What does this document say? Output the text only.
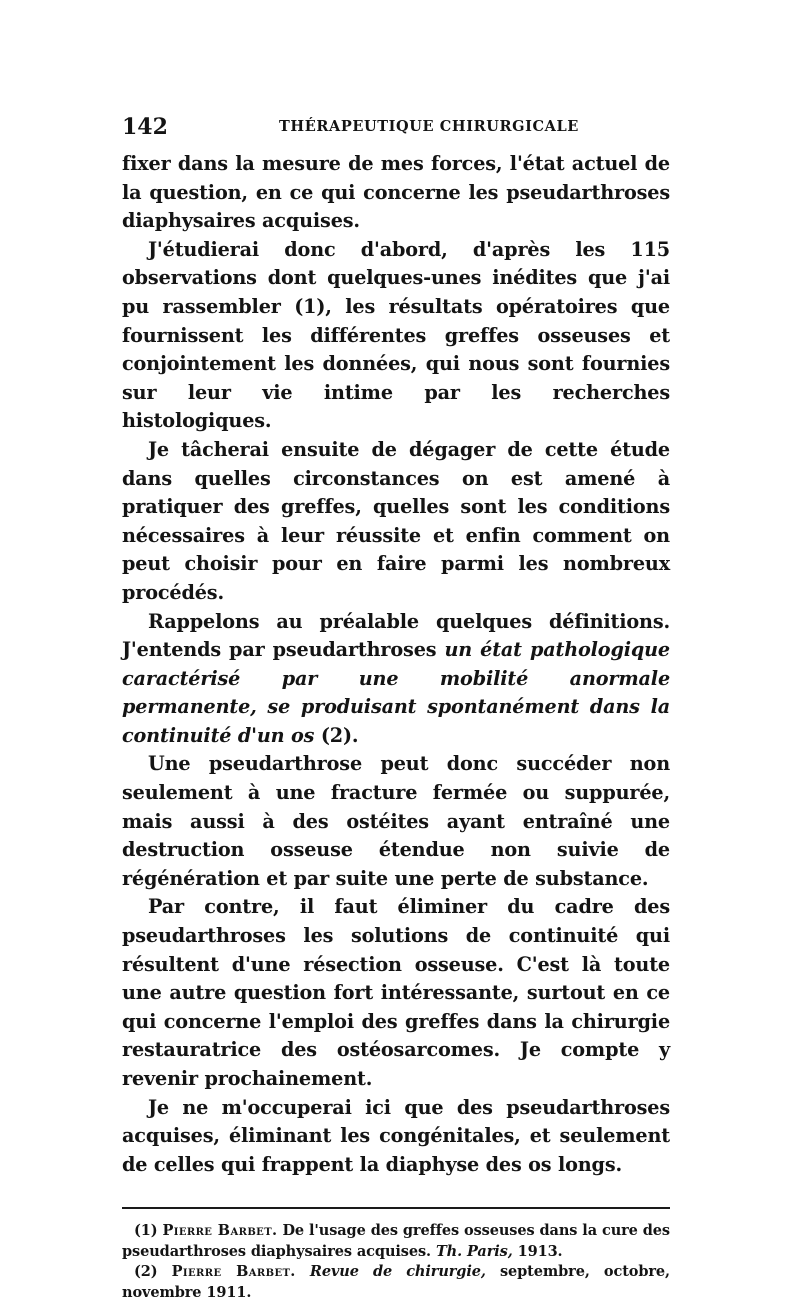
142	THÉRAPEUTIQUE CHIRURGICALE

fixer dans la mesure de mes forces, l'état actuel de la question, en ce qui concerne les pseudarthroses diaphysaires acquises.

J'étudierai donc d'abord, d'après les 115 observations dont quelques-unes inédites que j'ai pu rassembler (1), les résultats opératoires que fournissent les différentes greffes osseuses et conjointement les données, qui nous sont fournies sur leur vie intime par les recherches histologiques.

Je tâcherai ensuite de dégager de cette étude dans quelles circonstances on est amené à pratiquer des greffes, quelles sont les conditions nécessaires à leur réussite et enfin comment on peut choisir pour en faire parmi les nombreux procédés.

Rappelons au préalable quelques définitions. J'entends par pseudarthroses un état pathologique caractérisé par une mobilité anormale permanente, se produisant spontanément dans la continuité d'un os (2).

Une pseudarthrose peut donc succéder non seulement à une fracture fermée ou suppurée, mais aussi à des ostéites ayant entraîné une destruction osseuse étendue non suivie de régénération et par suite une perte de substance.

Par contre, il faut éliminer du cadre des pseudarthroses les solutions de continuité qui résultent d'une résection osseuse. C'est là toute une autre question fort intéressante, surtout en ce qui concerne l'emploi des greffes dans la chirurgie restauratrice des ostéosarcomes. Je compte y revenir prochainement.

Je ne m'occuperai ici que des pseudarthroses acquises, éliminant les congénitales, et seulement de celles qui frappent la diaphyse des os longs.

(1) Pierre Barbet. De l'usage des greffes osseuses dans la cure des pseudarthroses diaphysaires acquises. Th. Paris, 1913.

(2) Pierre Barbet. Revue de chirurgie, septembre, octobre, novembre 1911.
